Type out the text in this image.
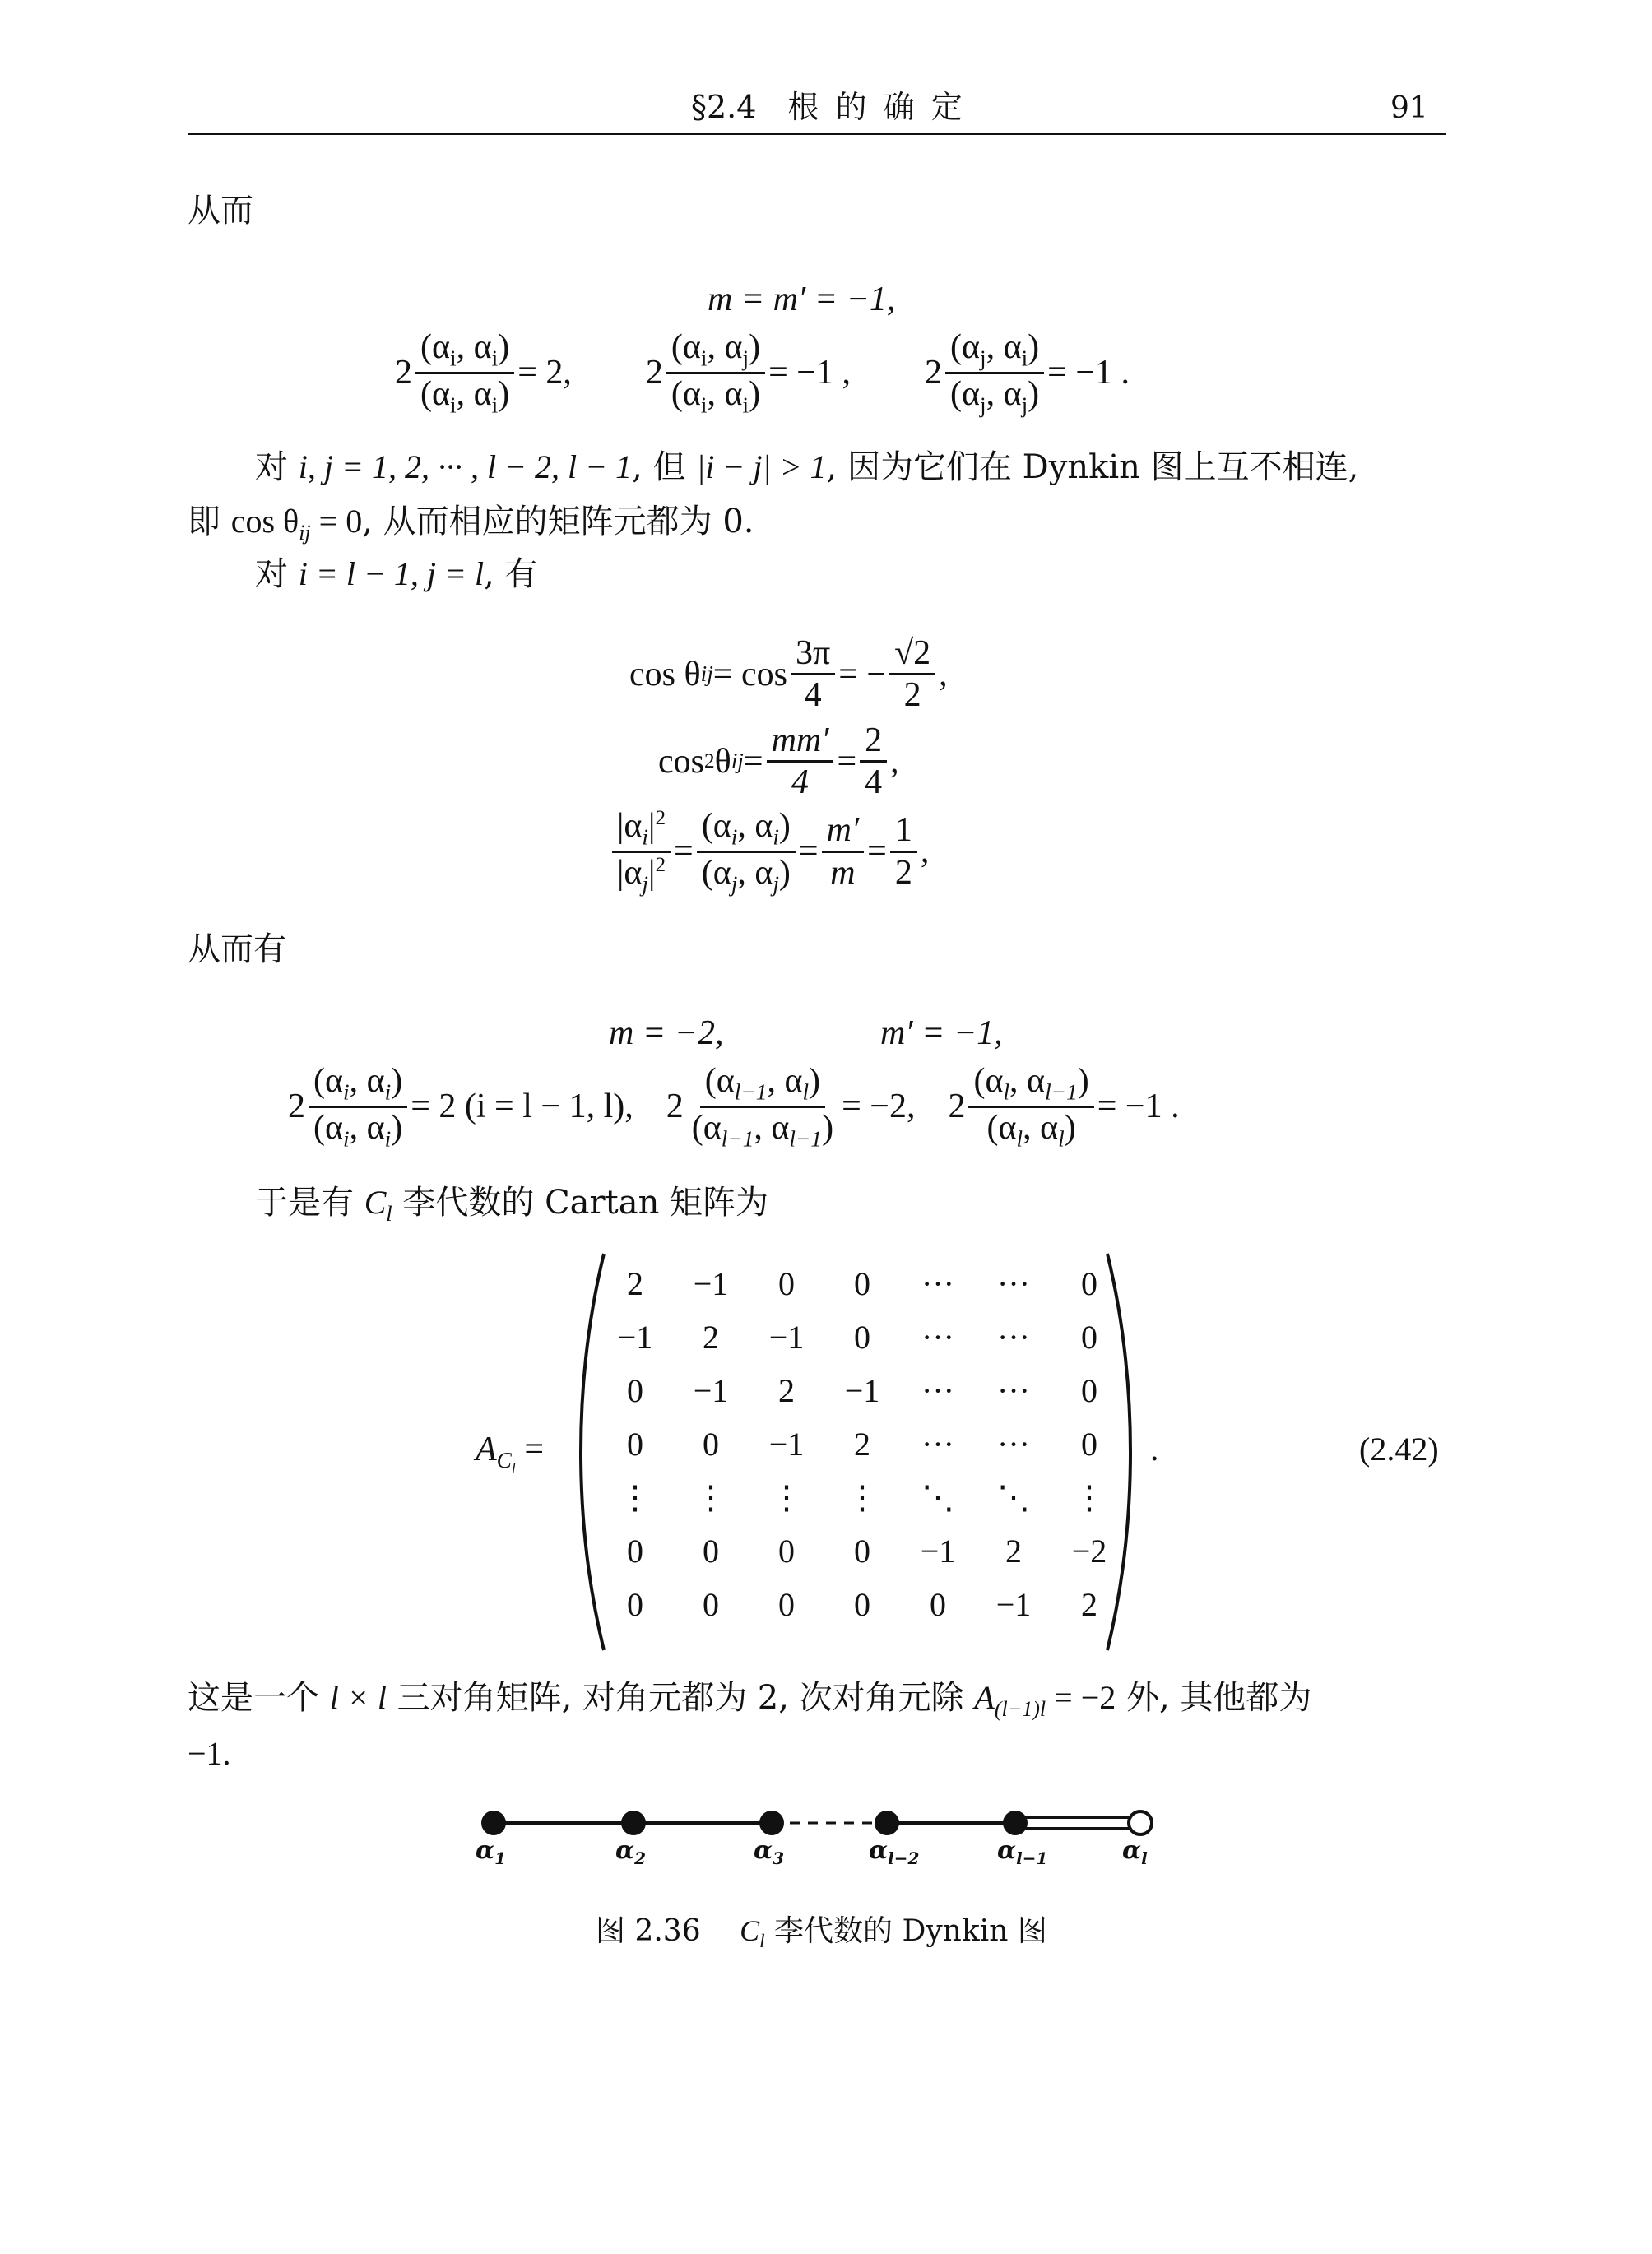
§2.4 根 的 确 定	91
从而
m = m′ = −1,
$2 \frac{(\alpha_i, \alpha_i)}{(\alpha_i, \alpha_i)} = 2$, $2 \frac{(\alpha_i, \alpha_j)}{(\alpha_i, \alpha_i)} = -1$ , $2 \frac{(\alpha_j, \alpha_i)}{(\alpha_j, \alpha_j)} = -1$ .
对 i, j = 1, 2, ··· , l − 2, l − 1, 但 |i − j| > 1, 因为它们在 Dynkin 图上互不相连,
即 $\cos \theta_{ij} = 0$, 从而相应的矩阵元都为 0.
对 i = l − 1, j = l, 有
cos θ ij = $\cos \frac{3\pi}{4}$ = − $\frac{√2}{2}$ ,
cos 2 θ ij = $\frac{mm'}{4} = \frac{2}{4}$ ,
$\frac{|\alpha_i|^2}{|\alpha_j|^2} = \frac{(\alpha_i, \alpha_i)}{(\alpha_j, \alpha_j)} = \frac{m'}{m} = \frac{1}{2}$ ,
从而有
m = −2,	m′ = −1,
$2 \frac{(\alpha_i, \alpha_i)}{(\alpha_i, \alpha_i)} = 2$ (i = l − 1, l), $2 \frac{(\alpha_{l-1}, \alpha_l)}{(\alpha_{l-1}, \alpha_{l-1})} = -2$, $2 \frac{(\alpha_l, \alpha_{l-1})}{(\alpha_l, \alpha_l)} = -1$ .
于是有 $C_l$ 李代数的 Cartan 矩阵为
$A_{C_l}$ =
2	−1	0	0	···	···	0
−1	2	−1	0	···	···	0
0	−1	2	−1	···	···	0
0	0	−1	2	···	···	0
⋮	⋮	⋮	⋮	⋱	⋱	⋮
0	0	0	0	−1	2	−2
0	0	0	0	0	−1	2
.	(2.42)
这是一个 l × l 三对角矩阵, 对角元都为 2, 次对角元除 $A_{(l-1)l} = -2$ 外, 其他都为
−1.
$\alpha_1$	$\alpha_2$	$\alpha_3$	$\alpha_{l-2}$	$\alpha_{l-1}$	$\alpha_l$
图 2.36 $C_l$ 李代数的 Dynkin 图
